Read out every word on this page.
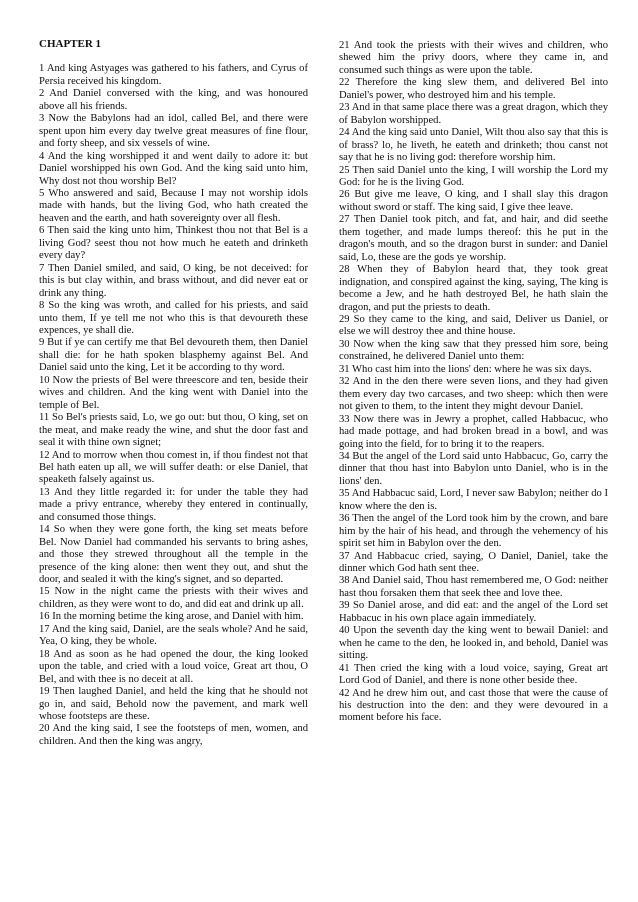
CHAPTER 1

1 And king Astyages was gathered to his fathers, and Cyrus of Persia received his kingdom.

2 And Daniel conversed with the king, and was honoured above all his friends.

3 Now the Babylons had an idol, called Bel, and there were spent upon him every day twelve great measures of fine flour, and forty sheep, and six vessels of wine.

4 And the king worshipped it and went daily to adore it: but Daniel worshipped his own God. And the king said unto him, Why dost not thou worship Bel?

5 Who answered and said, Because I may not worship idols made with hands, but the living God, who hath created the heaven and the earth, and hath sovereignty over all flesh.

6 Then said the king unto him, Thinkest thou not that Bel is a living God? seest thou not how much he eateth and drinketh every day?

7 Then Daniel smiled, and said, O king, be not deceived: for this is but clay within, and brass without, and did never eat or drink any thing.

8 So the king was wroth, and called for his priests, and said unto them, If ye tell me not who this is that devoureth these expences, ye shall die.

9 But if ye can certify me that Bel devoureth them, then Daniel shall die: for he hath spoken blasphemy against Bel. And Daniel said unto the king, Let it be according to thy word.

10 Now the priests of Bel were threescore and ten, beside their wives and children. And the king went with Daniel into the temple of Bel.

11 So Bel's priests said, Lo, we go out: but thou, O king, set on the meat, and make ready the wine, and shut the door fast and seal it with thine own signet;

12 And to morrow when thou comest in, if thou findest not that Bel hath eaten up all, we will suffer death: or else Daniel, that speaketh falsely against us.

13 And they little regarded it: for under the table they had made a privy entrance, whereby they entered in continually, and consumed those things.

14 So when they were gone forth, the king set meats before Bel. Now Daniel had commanded his servants to bring ashes, and those they strewed throughout all the temple in the presence of the king alone: then went they out, and shut the door, and sealed it with the king's signet, and so departed.

15 Now in the night came the priests with their wives and children, as they were wont to do, and did eat and drink up all.

16 In the morning betime the king arose, and Daniel with him.

17 And the king said, Daniel, are the seals whole? And he said, Yea, O king, they be whole.

18 And as soon as he had opened the dour, the king looked upon the table, and cried with a loud voice, Great art thou, O Bel, and with thee is no deceit at all.

19 Then laughed Daniel, and held the king that he should not go in, and said, Behold now the pavement, and mark well whose footsteps are these.

20 And the king said, I see the footsteps of men, women, and children. And then the king was angry,

21 And took the priests with their wives and children, who shewed him the privy doors, where they came in, and consumed such things as were upon the table.

22 Therefore the king slew them, and delivered Bel into Daniel's power, who destroyed him and his temple.

23 And in that same place there was a great dragon, which they of Babylon worshipped.

24 And the king said unto Daniel, Wilt thou also say that this is of brass? lo, he liveth, he eateth and drinketh; thou canst not say that he is no living god: therefore worship him.

25 Then said Daniel unto the king, I will worship the Lord my God: for he is the living God.

26 But give me leave, O king, and I shall slay this dragon without sword or staff. The king said, I give thee leave.

27 Then Daniel took pitch, and fat, and hair, and did seethe them together, and made lumps thereof: this he put in the dragon's mouth, and so the dragon burst in sunder: and Daniel said, Lo, these are the gods ye worship.

28 When they of Babylon heard that, they took great indignation, and conspired against the king, saying, The king is become a Jew, and he hath destroyed Bel, he hath slain the dragon, and put the priests to death.

29 So they came to the king, and said, Deliver us Daniel, or else we will destroy thee and thine house.

30 Now when the king saw that they pressed him sore, being constrained, he delivered Daniel unto them:

31 Who cast him into the lions' den: where he was six days.

32 And in the den there were seven lions, and they had given them every day two carcases, and two sheep: which then were not given to them, to the intent they might devour Daniel.

33 Now there was in Jewry a prophet, called Habbacuc, who had made pottage, and had broken bread in a bowl, and was going into the field, for to bring it to the reapers.

34 But the angel of the Lord said unto Habbacuc, Go, carry the dinner that thou hast into Babylon unto Daniel, who is in the lions' den.

35 And Habbacuc said, Lord, I never saw Babylon; neither do I know where the den is.

36 Then the angel of the Lord took him by the crown, and bare him by the hair of his head, and through the vehemency of his spirit set him in Babylon over the den.

37 And Habbacuc cried, saying, O Daniel, Daniel, take the dinner which God hath sent thee.

38 And Daniel said, Thou hast remembered me, O God: neither hast thou forsaken them that seek thee and love thee.

39 So Daniel arose, and did eat: and the angel of the Lord set Habbacuc in his own place again immediately.

40 Upon the seventh day the king went to bewail Daniel: and when he came to the den, he looked in, and behold, Daniel was sitting.

41 Then cried the king with a loud voice, saying, Great art Lord God of Daniel, and there is none other beside thee.

42 And he drew him out, and cast those that were the cause of his destruction into the den: and they were devoured in a moment before his face.
